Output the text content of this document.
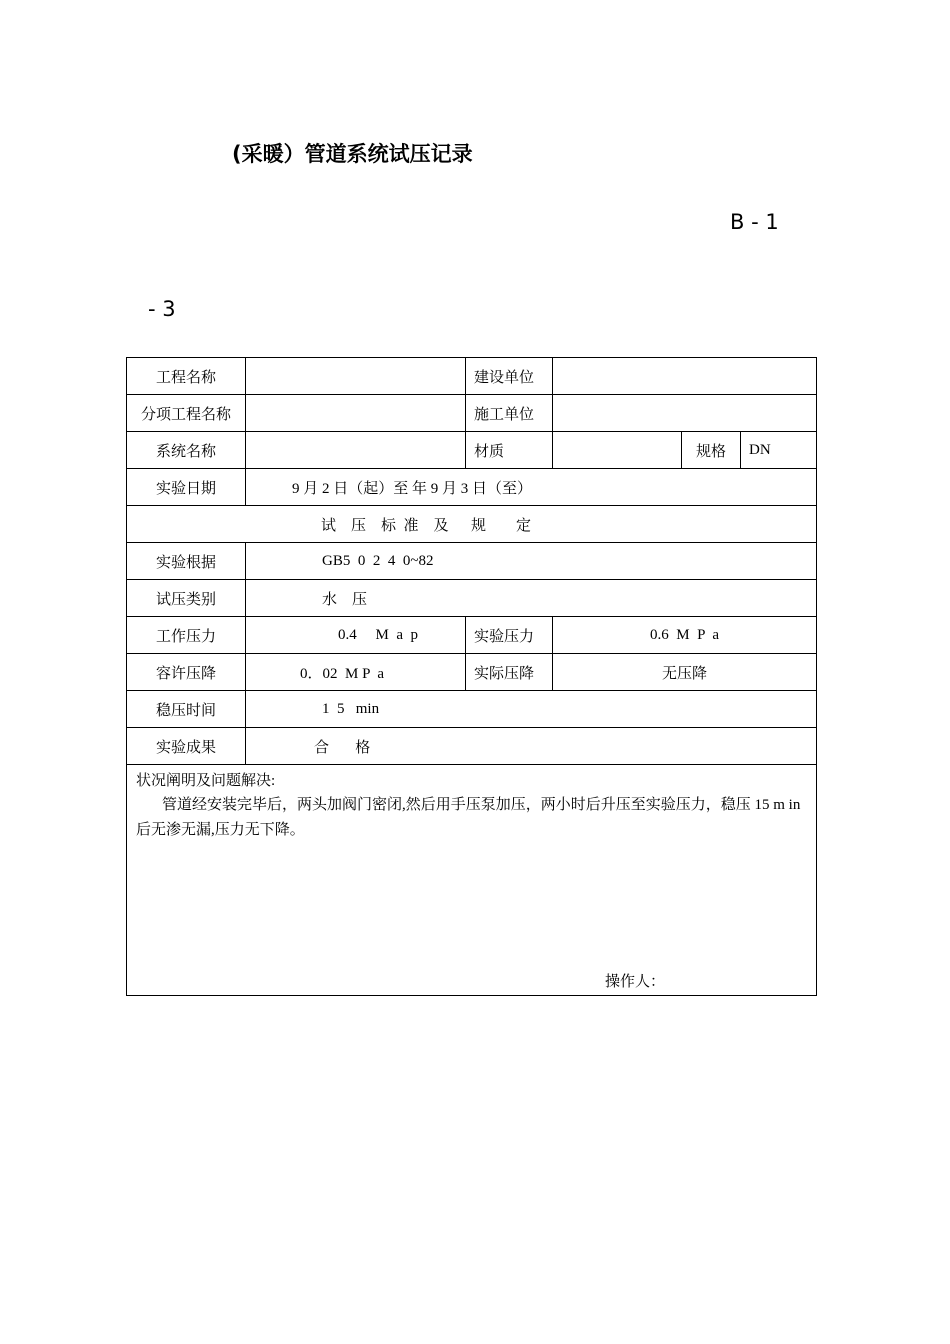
(采暖）管道系统试压记录
B - 1
- 3
工程名称		建设单位			
分项工程名称		施工单位			
系统名称		材质		规格	DN
实验日期	9 月 2 日（起）至 年 9 月 3 日（至）				
试    压    标  准    及      规        定					
实验根据	GB5  0  2  4  0~82				
试压类别	水    压				
工作压力	0.4     M  a  p	实验压力	0.6  M  P  a		
容许压降	0．02  M P  a	实际压降	无压降		
稳压时间	1  5   min				
实验成果	合       格				

状况阐明及问题解决:
管道经安装完毕后，两头加阀门密闭,然后用手压泵加压，两小时后升压至实验压力，稳压 15 m in 后无渗无漏,压力无下降。
操作人：					
